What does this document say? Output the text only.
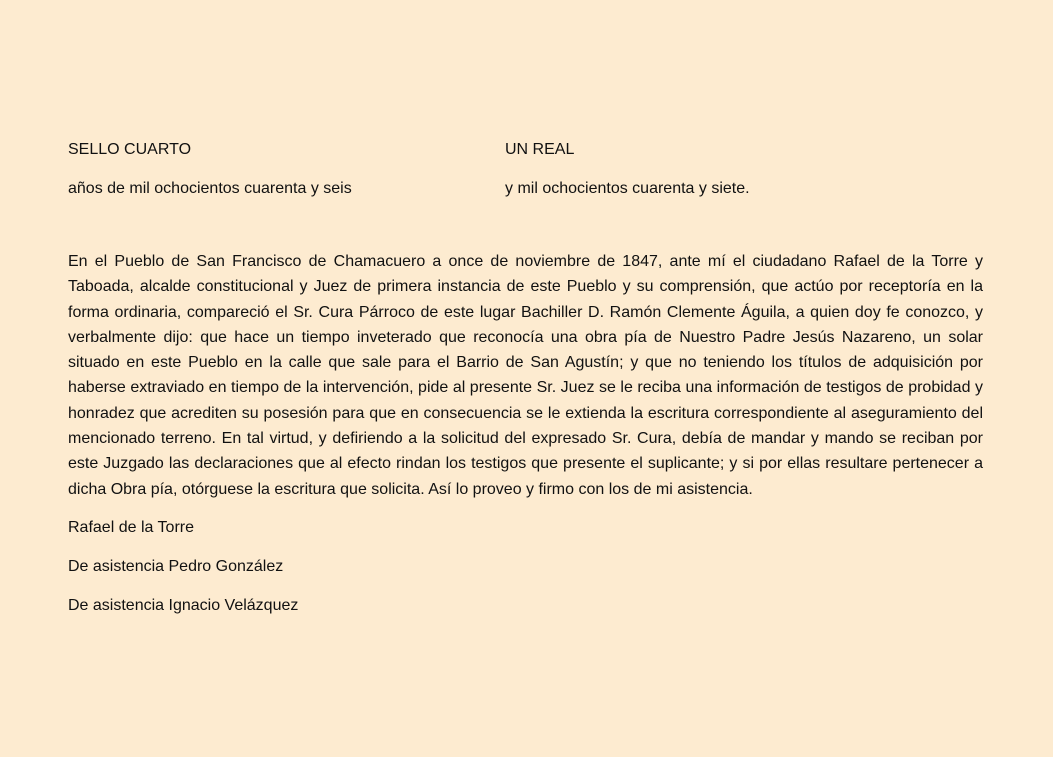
SELLO CUARTO	UN REAL
años de mil ochocientos cuarenta y seis	y mil ochocientos cuarenta y siete.

En el Pueblo de San Francisco de Chamacuero a once de noviembre de 1847, ante mí el ciudadano Rafael de la Torre y Taboada, alcalde constitucional y Juez de primera instancia de este Pueblo y su comprensión, que actúo por receptoría en la forma ordinaria, compareció el Sr. Cura Párroco de este lugar Bachiller D. Ramón Clemente Águila, a quien doy fe conozco, y verbalmente dijo: que hace un tiempo inveterado que reconocía una obra pía de Nuestro Padre Jesús Nazareno, un solar situado en este Pueblo en la calle que sale para el Barrio de San Agustín; y que no teniendo los títulos de adquisición por haberse extraviado en tiempo de la intervención, pide al presente Sr. Juez se le reciba una información de testigos de probidad y honradez que acrediten su posesión para que en consecuencia se le extienda la escritura correspondiente al aseguramiento del mencionado terreno. En tal virtud, y defiriendo a la solicitud del expresado Sr. Cura, debía de mandar y mando se reciban por este Juzgado las declaraciones que al efecto rindan los testigos que presente el suplicante; y si por ellas resultare pertenecer a dicha Obra pía, otórguese la escritura que solicita. Así lo proveo y firmo con los de mi asistencia.

Rafael de la Torre

De asistencia Pedro González

De asistencia Ignacio Velázquez
